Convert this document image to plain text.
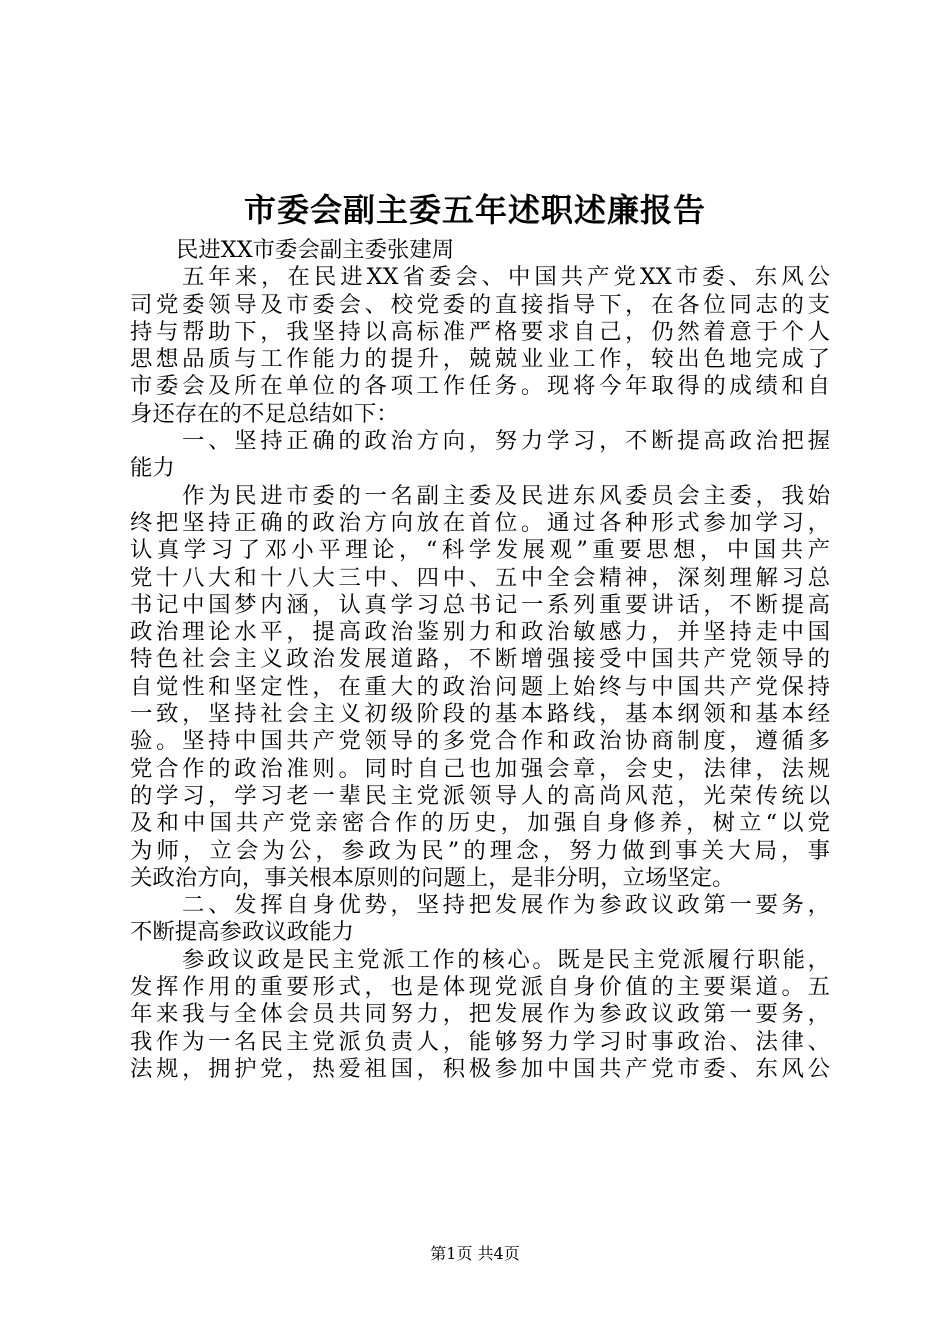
市委会副主委五年述职述廉报告
民进XX市委会副主委张建周
五年来，在民进XX省委会、中国共产党XX市委、东风公
司党委领导及市委会、校党委的直接指导下，在各位同志的支
持与帮助下，我坚持以高标准严格要求自己，仍然着意于个人
思想品质与工作能力的提升，兢兢业业工作，较出色地完成了
市委会及所在单位的各项工作任务。现将今年取得的成绩和自
身还存在的不足总结如下：
一、坚持正确的政治方向，努力学习，不断提高政治把握
能力
作为民进市委的一名副主委及民进东风委员会主委，我始
终把坚持正确的政治方向放在首位。通过各种形式参加学习，
认真学习了邓小平理论，“科学发展观”重要思想，中国共产
党十八大和十八大三中、四中、五中全会精神，深刻理解习总
书记中国梦内涵，认真学习总书记一系列重要讲话，不断提高
政治理论水平，提高政治鉴别力和政治敏感力，并坚持走中国
特色社会主义政治发展道路，不断增强接受中国共产党领导的
自觉性和坚定性，在重大的政治问题上始终与中国共产党保持
一致，坚持社会主义初级阶段的基本路线，基本纲领和基本经
验。坚持中国共产党领导的多党合作和政治协商制度，遵循多
党合作的政治准则。同时自己也加强会章，会史，法律，法规
的学习，学习老一辈民主党派领导人的高尚风范，光荣传统以
及和中国共产党亲密合作的历史，加强自身修养，树立“以党
为师，立会为公，参政为民”的理念，努力做到事关大局，事
关政治方向，事关根本原则的问题上，是非分明，立场坚定。
二、发挥自身优势，坚持把发展作为参政议政第一要务，
不断提高参政议政能力
参政议政是民主党派工作的核心。既是民主党派履行职能，
发挥作用的重要形式，也是体现党派自身价值的主要渠道。五
年来我与全体会员共同努力，把发展作为参政议政第一要务，
我作为一名民主党派负责人，能够努力学习时事政治、法律、
法规，拥护党，热爱祖国，积极参加中国共产党市委、东风公
第1页 共4页
